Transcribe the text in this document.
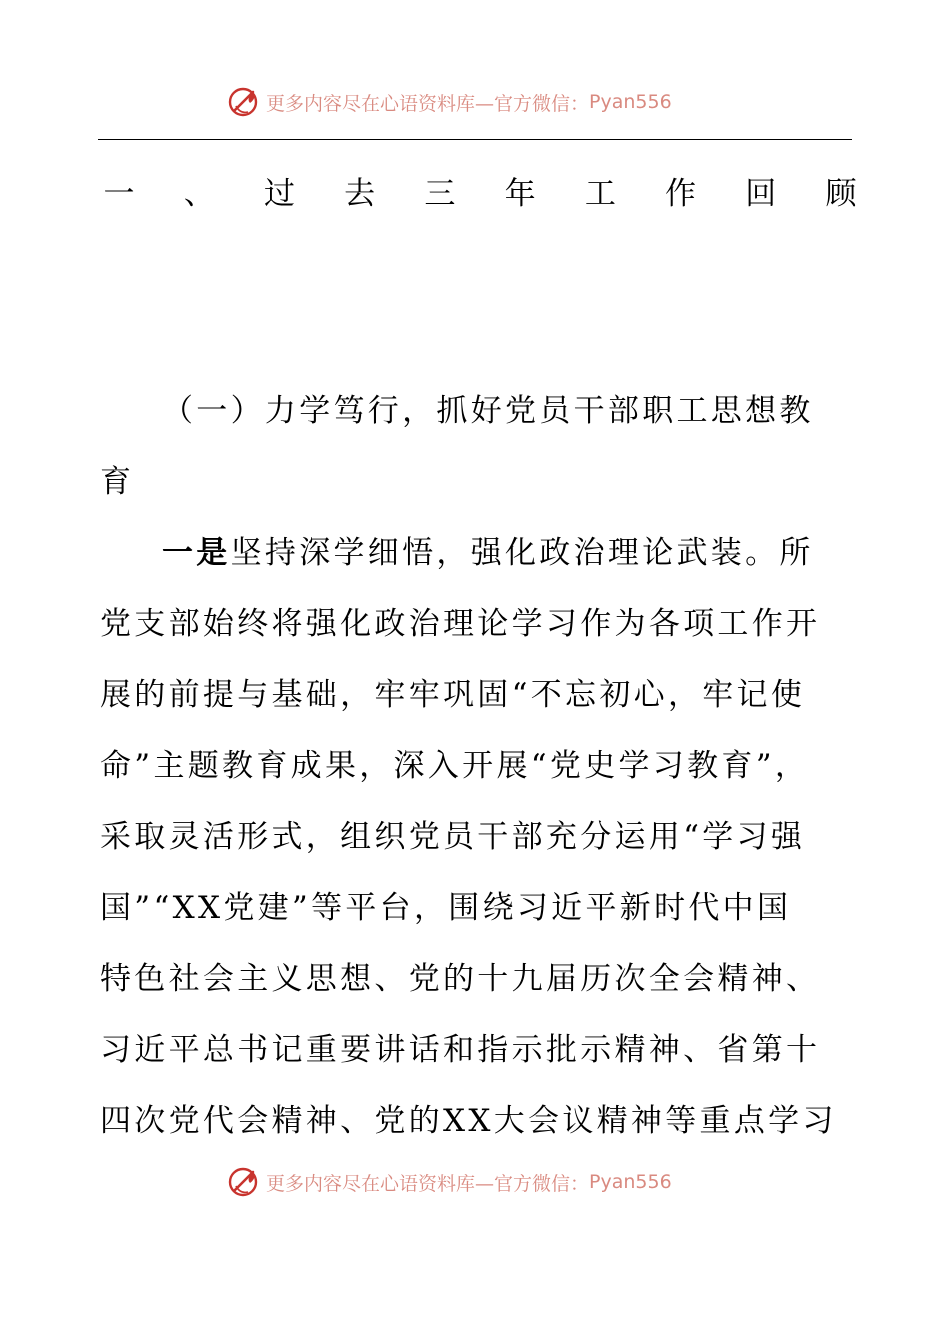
更多内容尽在心语资料库—官方微信： Pyan556
一 、 过 去 三 年 工 作 回 顾
（一）力学笃行，抓好党员干部职工思想教
育
一是坚持深学细悟，强化政治理论武装。所
党支部始终将强化政治理论学习作为各项工作开
展的前提与基础，牢牢巩固“不忘初心，牢记使
命”主题教育成果，深入开展“党史学习教育”，
采取灵活形式，组织党员干部充分运用“学习强
国”“XX党建”等平台，围绕习近平新时代中国
特色社会主义思想、党的十九届历次全会精神、
习近平总书记重要讲话和指示批示精神、省第十
四次党代会精神、党的XX大会议精神等重点学习
更多内容尽在心语资料库—官方微信： Pyan556
